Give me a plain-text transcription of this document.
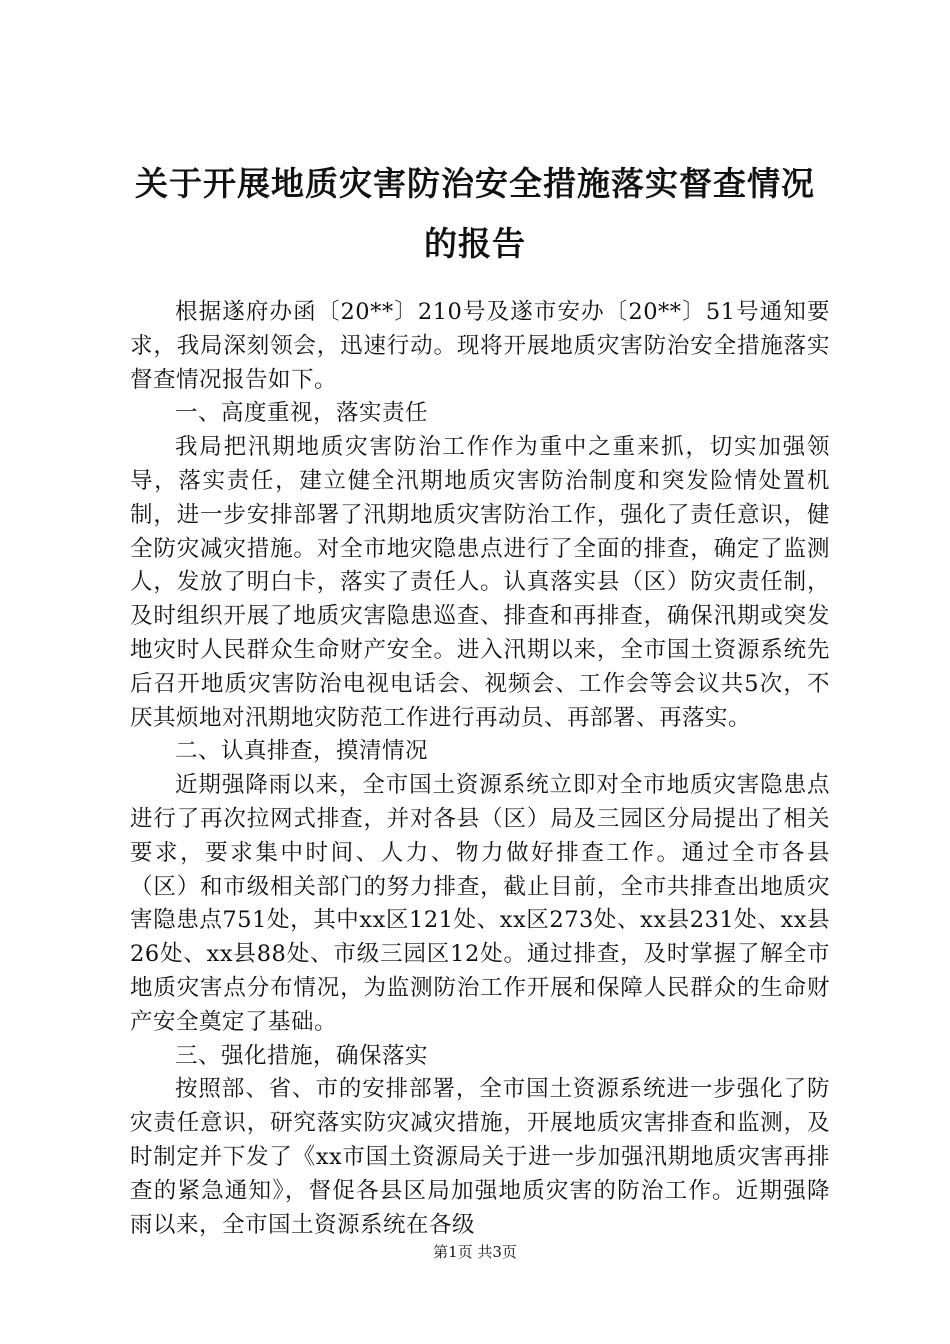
关于开展地质灾害防治安全措施落实督查情况
的报告

根据遂府办函〔20**〕210号及遂市安办〔20**〕51号通知要求，我局深刻领会，迅速行动。现将开展地质灾害防治安全措施落实督查情况报告如下。

一、高度重视，落实责任

我局把汛期地质灾害防治工作作为重中之重来抓，切实加强领导，落实责任，建立健全汛期地质灾害防治制度和突发险情处置机制，进一步安排部署了汛期地质灾害防治工作，强化了责任意识，健全防灾减灾措施。对全市地灾隐患点进行了全面的排查，确定了监测人，发放了明白卡，落实了责任人。认真落实县（区）防灾责任制，及时组织开展了地质灾害隐患巡查、排查和再排查，确保汛期或突发地灾时人民群众生命财产安全。进入汛期以来，全市国土资源系统先后召开地质灾害防治电视电话会、视频会、工作会等会议共5次，不厌其烦地对汛期地灾防范工作进行再动员、再部署、再落实。

二、认真排查，摸清情况

近期强降雨以来，全市国土资源系统立即对全市地质灾害隐患点进行了再次拉网式排查，并对各县（区）局及三园区分局提出了相关要求，要求集中时间、人力、物力做好排查工作。通过全市各县（区）和市级相关部门的努力排查，截止目前，全市共排查出地质灾害隐患点751处，其中xx区121处、xx区273处、xx县231处、xx县26处、xx县88处、市级三园区12处。通过排查，及时掌握了解全市地质灾害点分布情况，为监测防治工作开展和保障人民群众的生命财产安全奠定了基础。

三、强化措施，确保落实

按照部、省、市的安排部署，全市国土资源系统进一步强化了防灾责任意识，研究落实防灾减灾措施，开展地质灾害排查和监测，及时制定并下发了《xx市国土资源局关于进一步加强汛期地质灾害再排查的紧急通知》，督促各县区局加强地质灾害的防治工作。近期强降雨以来，全市国土资源系统在各级

第1页 共3页
